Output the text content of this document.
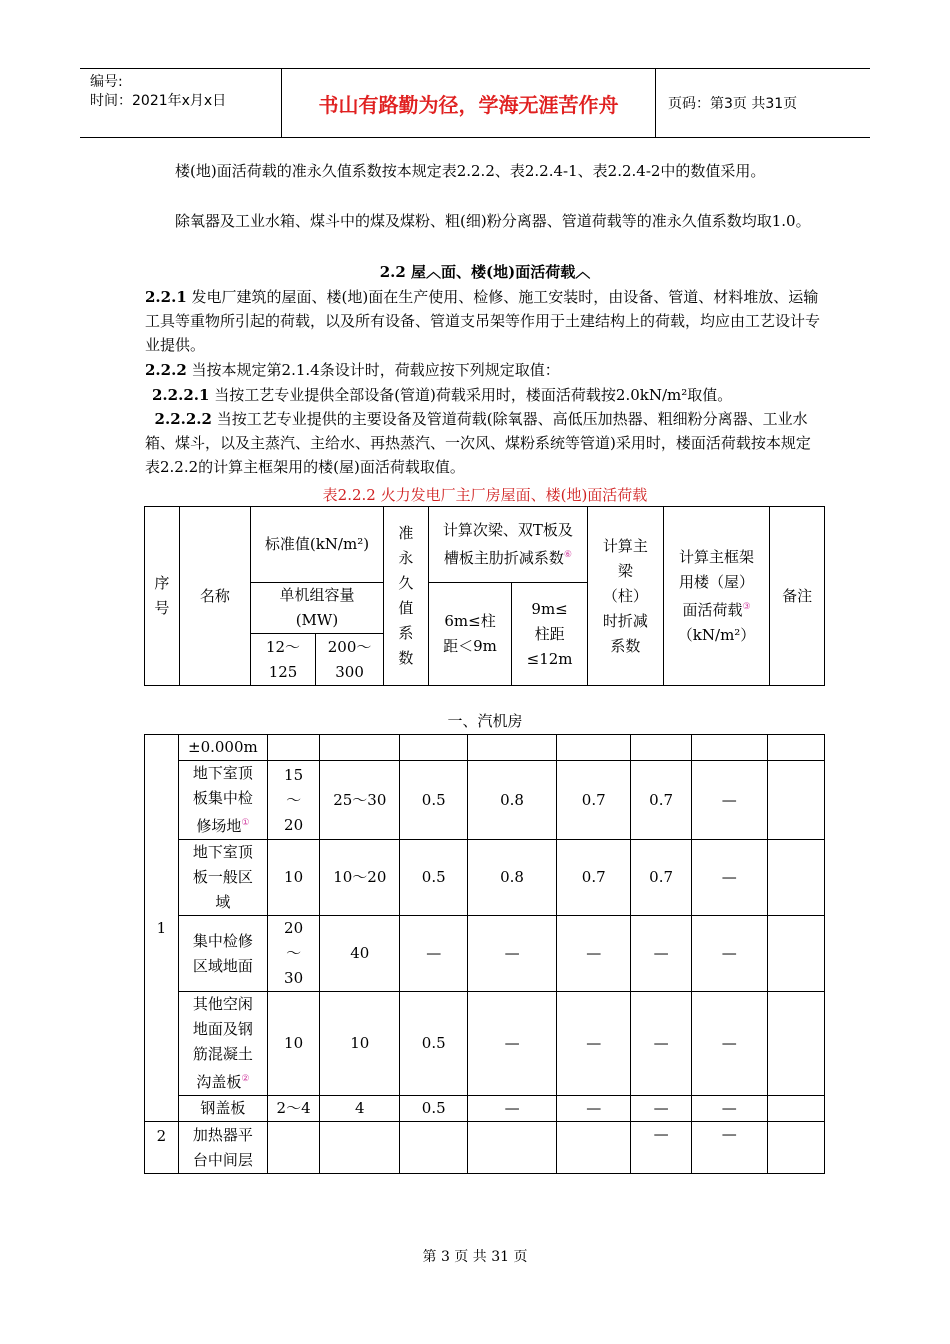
编号:
时间：2021年x月x日	书山有路勤为径，学海无涯苦作舟	页码：第3页 共31页
楼(地)面活荷载的准永久值系数按本规定表2.2.2、表2.2.4-1、表2.2.4-2中的数值采用。
除氧器及工业水箱、煤斗中的煤及煤粉、粗(细)粉分离器、管道荷载等的准永久值系数均取1.0。
2.2 屋︿面、楼(地)面活荷载︿
2.2.1 发电厂建筑的屋面、楼(地)面在生产使用、检修、施工安装时，由设备、管道、材料堆放、运输工具等重物所引起的荷载，以及所有设备、管道支吊架等作用于土建结构上的荷载，均应由工艺设计专业提供。
2.2.2 当按本规定第2.1.4条设计时，荷载应按下列规定取值：
2.2.2.1 当按工艺专业提供全部设备(管道)荷载采用时，楼面活荷载按2.0kN/m²取值。
2.2.2.2 当按工艺专业提供的主要设备及管道荷载(除氧器、高低压加热器、粗细粉分离器、工业水箱、煤斗，以及主蒸汽、主给水、再热蒸汽、一次风、煤粉系统等管道)采用时，楼面活荷载按本规定表2.2.2的计算主框架用的楼(屋)面活荷载取值。
表2.2.2 火力发电厂主厂房屋面、楼(地)面活荷载
序号	名称	标准值(kN/m²)		准永久值系数	计算次梁、双T板及槽板主肋折减系数⑥		计算主梁（柱）时折减系数	计算主框架用楼（屋）面活荷载③（kN/m²）	备注
		单机组容量(MW)			6m≤柱距＜9m	9m≤柱距≤12m			
		12～125	200～300						
一、汽机房
1	±0.000m								
	地下室顶板集中检修场地①	15～20	25～30	0.5	0.8	0.7	0.7	—	
	地下室顶板一般区域	10	10～20	0.5	0.8	0.7	0.7	—	
	集中检修区域地面	20～30	40	—	—	—	—	—	
	其他空闲地面及钢筋混凝土沟盖板②	10	10	0.5	—	—	—	—	
	钢盖板	2～4	4	0.5	—	—	—	—	
2	加热器平台中间层						—	—	
第 3 页 共 31 页
